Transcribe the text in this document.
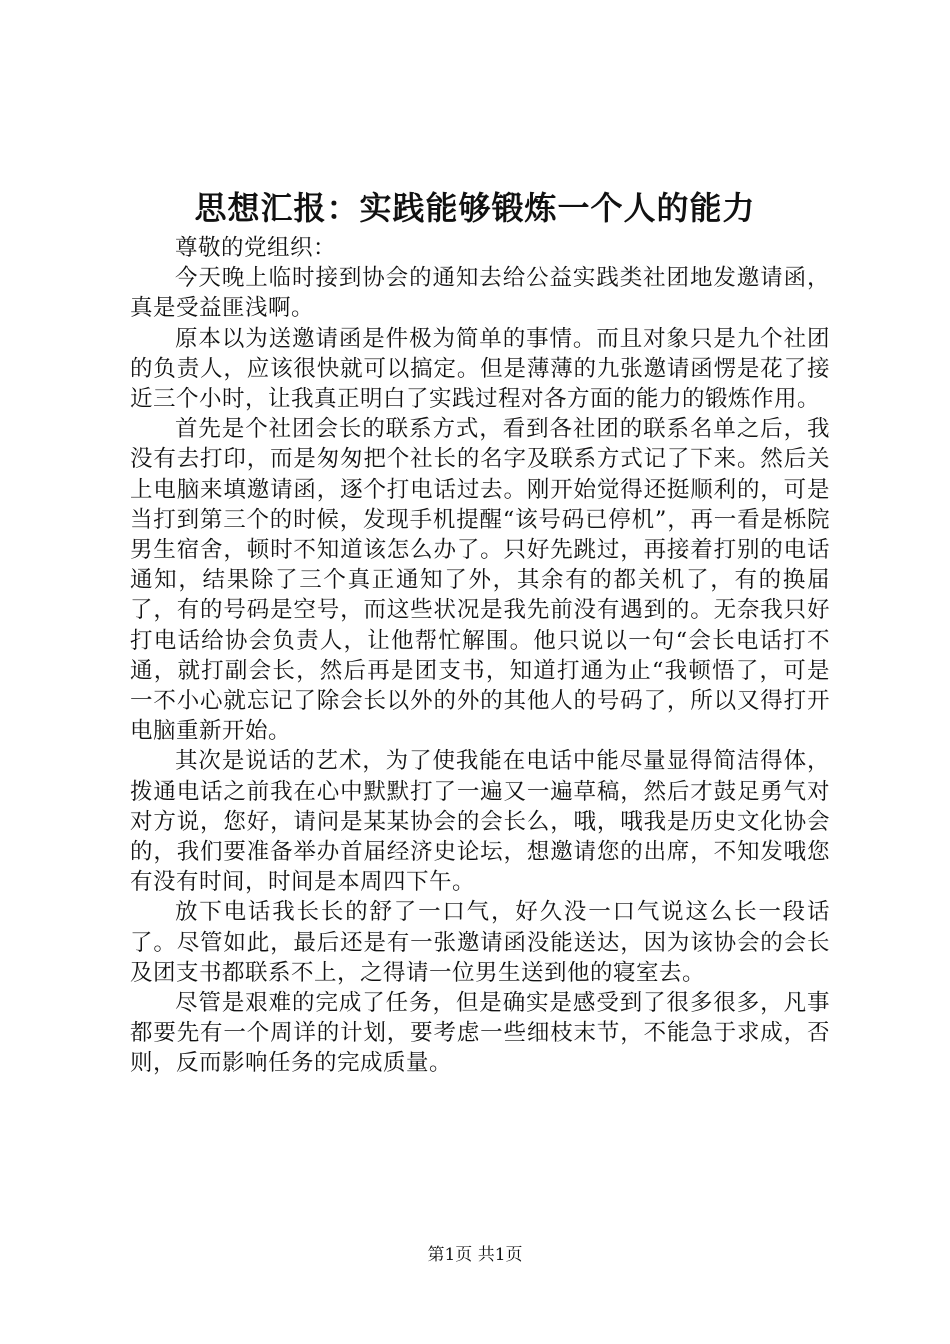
思想汇报：实践能够锻炼一个人的能力

尊敬的党组织：

今天晚上临时接到协会的通知去给公益实践类社团地发邀请函，真是受益匪浅啊。

原本以为送邀请函是件极为简单的事情。而且对象只是九个社团的负责人，应该很快就可以搞定。但是薄薄的九张邀请函愣是花了接近三个小时，让我真正明白了实践过程对各方面的能力的锻炼作用。

首先是个社团会长的联系方式，看到各社团的联系名单之后，我没有去打印，而是匆匆把个社长的名字及联系方式记了下来。然后关上电脑来填邀请函，逐个打电话过去。刚开始觉得还挺顺利的，可是当打到第三个的时候，发现手机提醒“该号码已停机”，再一看是栎院男生宿舍，顿时不知道该怎么办了。只好先跳过，再接着打别的电话通知，结果除了三个真正通知了外，其余有的都关机了，有的换届了，有的号码是空号，而这些状况是我先前没有遇到的。无奈我只好打电话给协会负责人，让他帮忙解围。他只说以一句“会长电话打不通，就打副会长，然后再是团支书，知道打通为止“我顿悟了，可是一不小心就忘记了除会长以外的外的其他人的号码了，所以又得打开电脑重新开始。

其次是说话的艺术，为了使我能在电话中能尽量显得简洁得体，拨通电话之前我在心中默默打了一遍又一遍草稿，然后才鼓足勇气对对方说，您好，请问是某某协会的会长么，哦，哦我是历史文化协会的，我们要准备举办首届经济史论坛，想邀请您的出席，不知发哦您有没有时间，时间是本周四下午。

放下电话我长长的舒了一口气，好久没一口气说这么长一段话了。尽管如此，最后还是有一张邀请函没能送达，因为该协会的会长及团支书都联系不上，之得请一位男生送到他的寝室去。

尽管是艰难的完成了任务，但是确实是感受到了很多很多，凡事都要先有一个周详的计划，要考虑一些细枝末节，不能急于求成，否则，反而影响任务的完成质量。

第1页 共1页
